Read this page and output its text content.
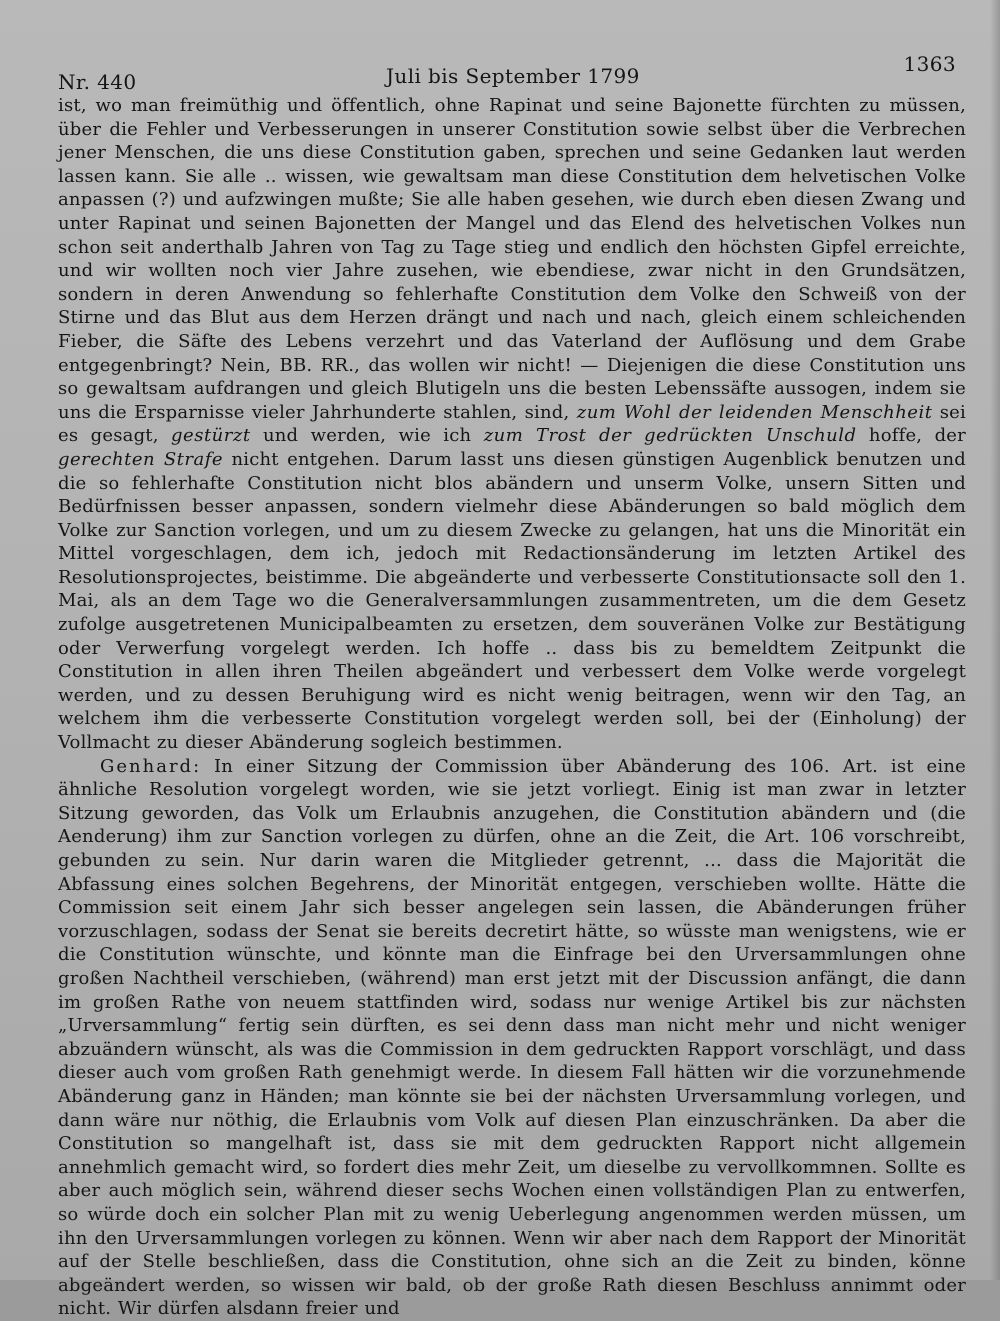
Nr. 440	Juli bis September 1799	1363

ist, wo man freimüthig und öffentlich, ohne Rapinat und seine Bajonette fürchten zu müssen, über die Fehler und Verbesserungen in unserer Constitution sowie selbst über die Verbrechen jener Menschen, die uns diese Constitution gaben, sprechen und seine Gedanken laut werden lassen kann. Sie alle .. wissen, wie gewaltsam man diese Constitution dem helvetischen Volke anpassen (?) und aufzwingen mußte; Sie alle haben gesehen, wie durch eben diesen Zwang und unter Rapinat und seinen Bajonetten der Mangel und das Elend des helvetischen Volkes nun schon seit anderthalb Jahren von Tag zu Tage stieg und endlich den höchsten Gipfel erreichte, und wir wollten noch vier Jahre zusehen, wie ebendiese, zwar nicht in den Grundsätzen, sondern in deren Anwendung so fehlerhafte Constitution dem Volke den Schweiß von der Stirne und das Blut aus dem Herzen drängt und nach und nach, gleich einem schleichenden Fieber, die Säfte des Lebens verzehrt und das Vaterland der Auflösung und dem Grabe entgegenbringt? Nein, BB. RR., das wollen wir nicht! — Diejenigen die diese Constitution uns so gewaltsam aufdrangen und gleich Blutigeln uns die besten Lebenssäfte aussogen, indem sie uns die Ersparnisse vieler Jahrhunderte stahlen, sind, zum Wohl der leidenden Menschheit sei es gesagt, gestürzt und werden, wie ich zum Trost der gedrückten Unschuld hoffe, der gerechten Strafe nicht entgehen. Darum lasst uns diesen günstigen Augenblick benutzen und die so fehlerhafte Constitution nicht blos abändern und unserm Volke, unsern Sitten und Bedürfnissen besser anpassen, sondern vielmehr diese Abänderungen so bald möglich dem Volke zur Sanction vorlegen, und um zu diesem Zwecke zu gelangen, hat uns die Minorität ein Mittel vorgeschlagen, dem ich, jedoch mit Redactionsänderung im letzten Artikel des Resolutionsprojectes, beistimme. Die abgeänderte und verbesserte Constitutionsacte soll den 1. Mai, als an dem Tage wo die Generalversammlungen zusammentreten, um die dem Gesetz zufolge ausgetretenen Municipalbeamten zu ersetzen, dem souveränen Volke zur Bestätigung oder Verwerfung vorgelegt werden. Ich hoffe .. dass bis zu bemeldtem Zeitpunkt die Constitution in allen ihren Theilen abgeändert und verbessert dem Volke werde vorgelegt werden, und zu dessen Beruhigung wird es nicht wenig beitragen, wenn wir den Tag, an welchem ihm die verbesserte Constitution vorgelegt werden soll, bei der (Einholung) der Vollmacht zu dieser Abänderung sogleich bestimmen.

Genhard: In einer Sitzung der Commission über Abänderung des 106. Art. ist eine ähnliche Resolution vorgelegt worden, wie sie jetzt vorliegt. Einig ist man zwar in letzter Sitzung geworden, das Volk um Erlaubnis anzugehen, die Constitution abändern und (die Aenderung) ihm zur Sanction vorlegen zu dürfen, ohne an die Zeit, die Art. 106 vorschreibt, gebunden zu sein. Nur darin waren die Mitglieder getrennt, ... dass die Majorität die Abfassung eines solchen Begehrens, der Minorität entgegen, verschieben wollte. Hätte die Commission seit einem Jahr sich besser angelegen sein lassen, die Abänderungen früher vorzuschlagen, sodass der Senat sie bereits decretirt hätte, so wüsste man wenigstens, wie er die Constitution wünschte, und könnte man die Einfrage bei den Urversammlungen ohne großen Nachtheil verschieben, (während) man erst jetzt mit der Discussion anfängt, die dann im großen Rathe von neuem stattfinden wird, sodass nur wenige Artikel bis zur nächsten „Urversammlung“ fertig sein dürften, es sei denn dass man nicht mehr und nicht weniger abzuändern wünscht, als was die Commission in dem gedruckten Rapport vorschlägt, und dass dieser auch vom großen Rath genehmigt werde. In diesem Fall hätten wir die vorzunehmende Abänderung ganz in Händen; man könnte sie bei der nächsten Urversammlung vorlegen, und dann wäre nur nöthig, die Erlaubnis vom Volk auf diesen Plan einzuschränken. Da aber die Constitution so mangelhaft ist, dass sie mit dem gedruckten Rapport nicht allgemein annehmlich gemacht wird, so fordert dies mehr Zeit, um dieselbe zu vervollkommnen. Sollte es aber auch möglich sein, während dieser sechs Wochen einen vollständigen Plan zu entwerfen, so würde doch ein solcher Plan mit zu wenig Ueberlegung angenommen werden müssen, um ihn den Urversammlungen vorlegen zu können. Wenn wir aber nach dem Rapport der Minorität auf der Stelle beschließen, dass die Constitution, ohne sich an die Zeit zu binden, könne abgeändert werden, so wissen wir bald, ob der große Rath diesen Beschluss annimmt oder nicht. Wir dürfen alsdann freier und
